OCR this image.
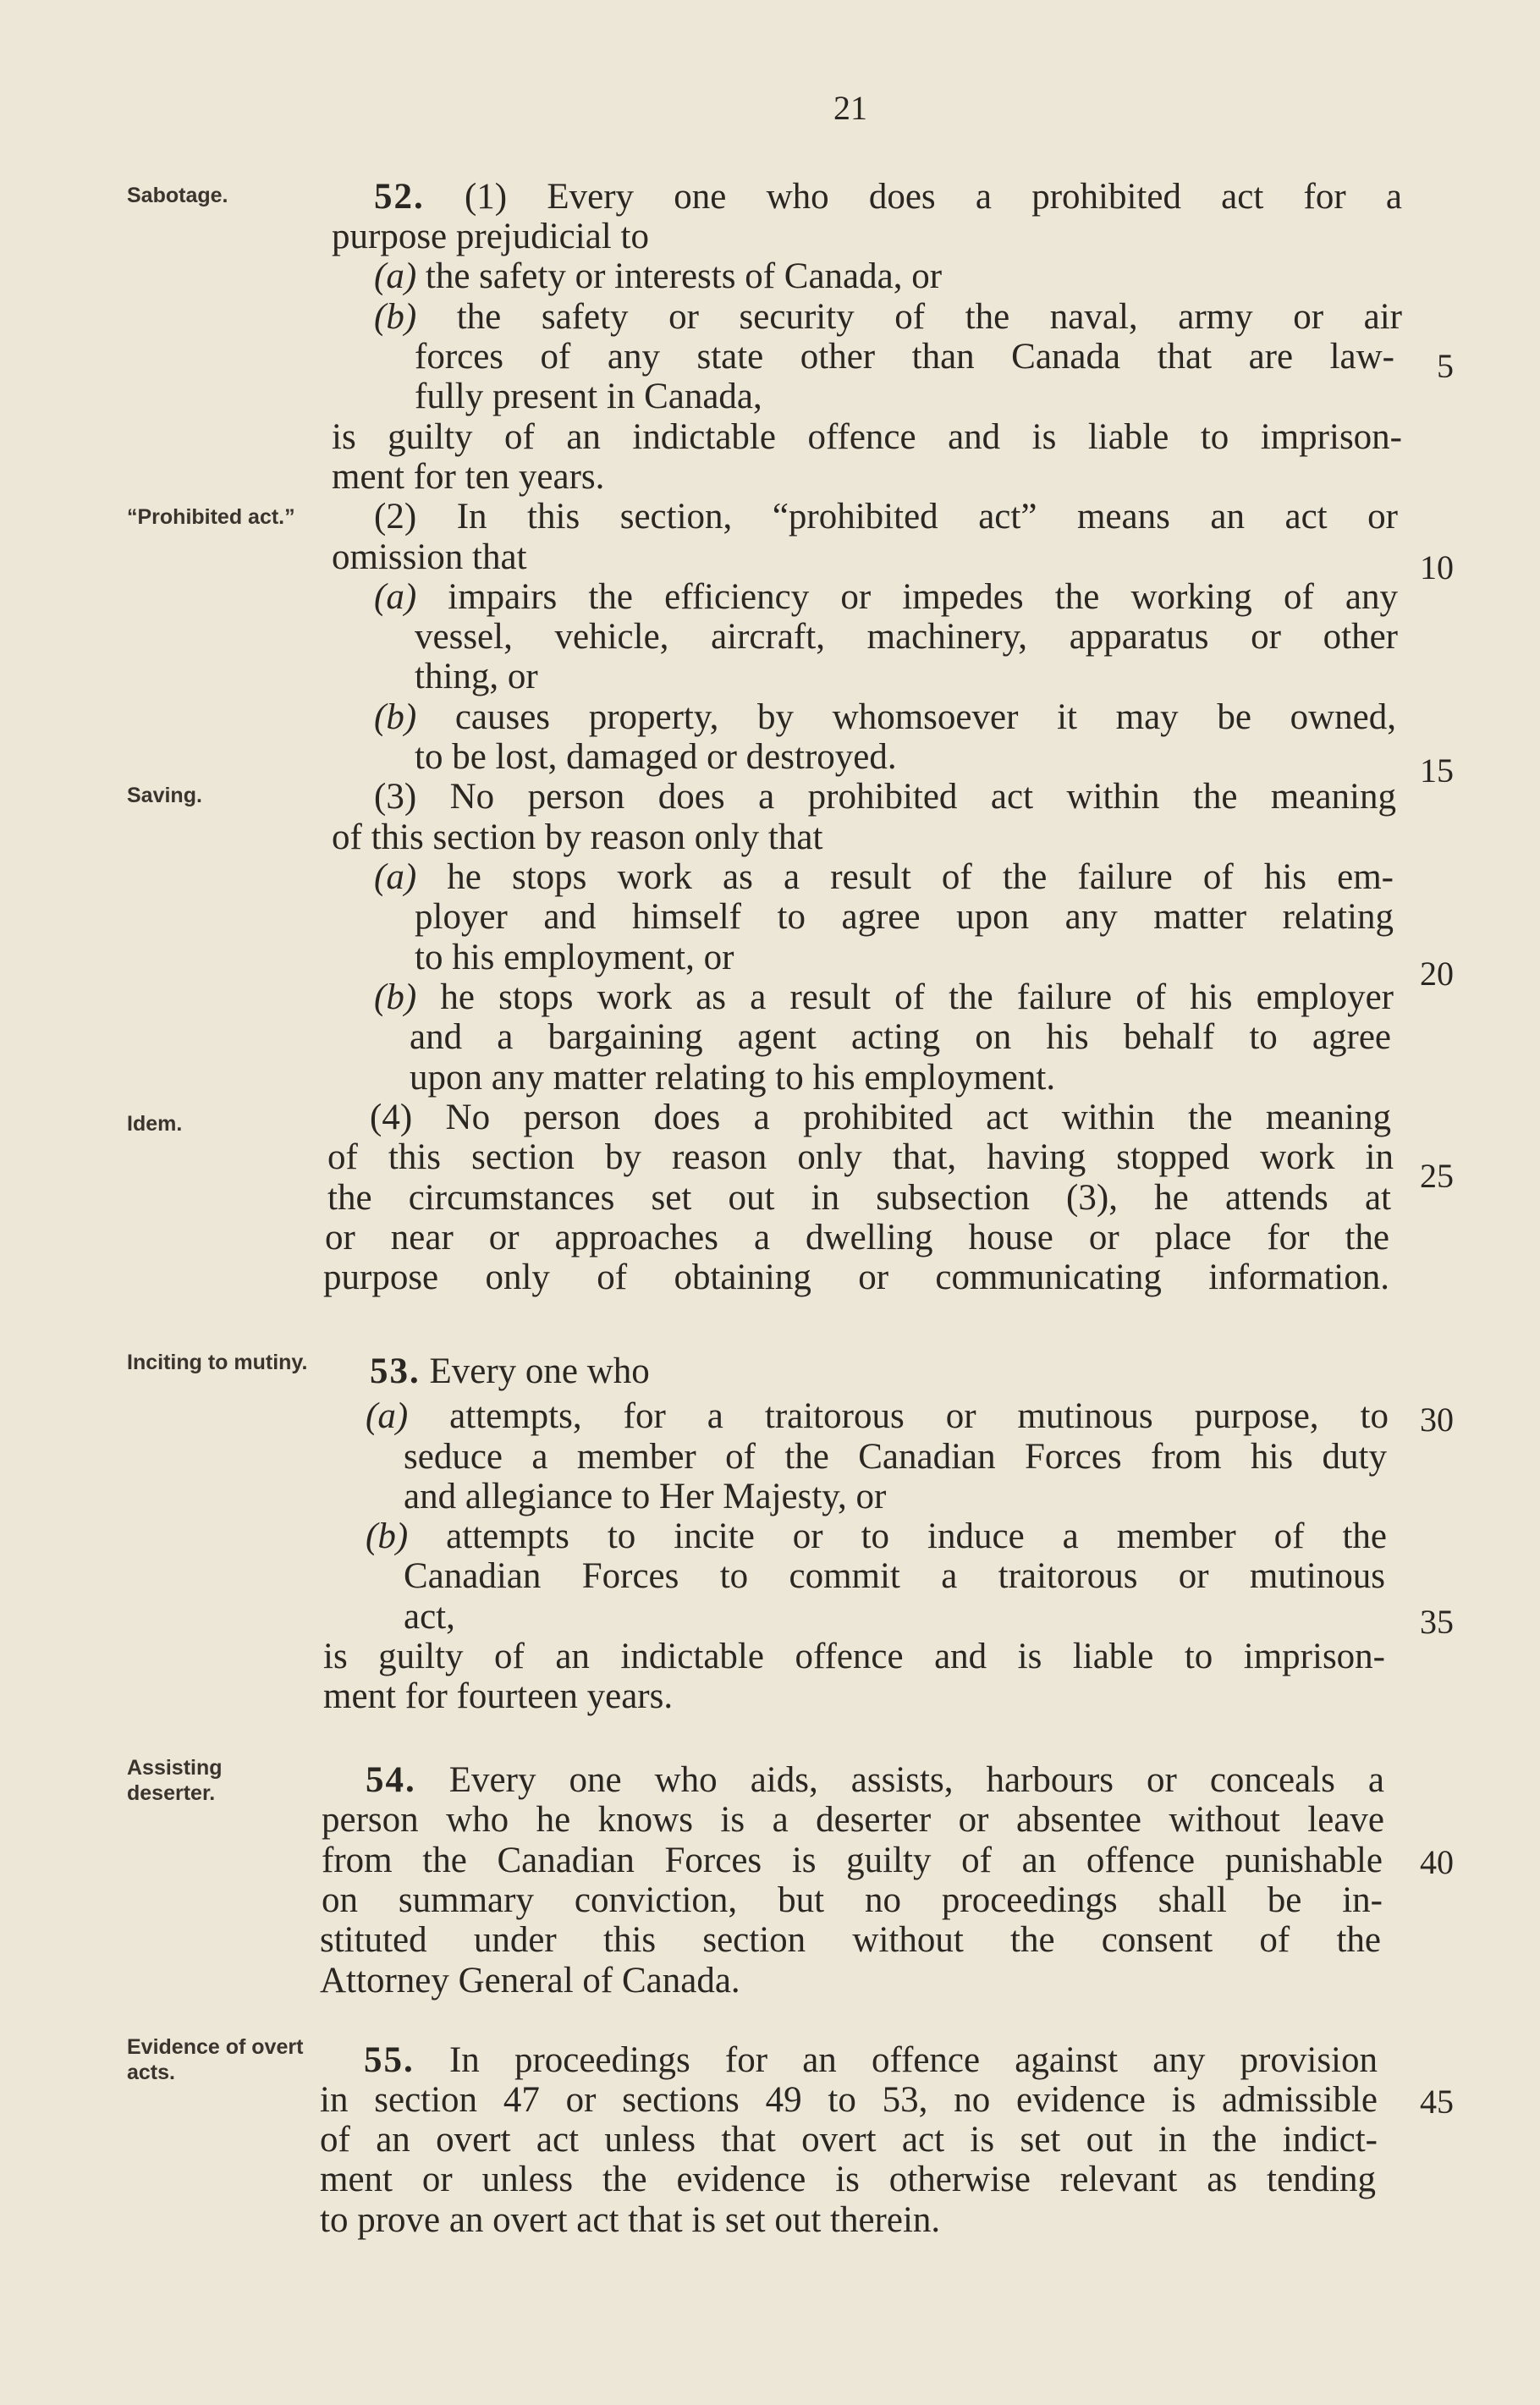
21
Sabotage.
“Prohibited act.”
Saving.
Idem.
Inciting to mutiny.
Assisting deserter.
Evidence of overt acts.
52. (1) Every one who does a prohibited act for a
purpose prejudicial to
(a) the safety or interests of Canada, or
(b) the safety or security of the naval, army or air
forces of any state other than Canada that are law-
fully present in Canada,
is guilty of an indictable offence and is liable to imprison-
ment for ten years.
(2) In this section, “prohibited act” means an act or
omission that
(a) impairs the efficiency or impedes the working of any
vessel, vehicle, aircraft, machinery, apparatus or other
thing, or
(b) causes property, by whomsoever it may be owned,
to be lost, damaged or destroyed.
(3) No person does a prohibited act within the meaning
of this section by reason only that
(a) he stops work as a result of the failure of his em-
ployer and himself to agree upon any matter relating
to his employment, or
(b) he stops work as a result of the failure of his employer
and a bargaining agent acting on his behalf to agree
upon any matter relating to his employment.
(4) No person does a prohibited act within the meaning
of this section by reason only that, having stopped work in
the circumstances set out in subsection (3), he attends at
or near or approaches a dwelling house or place for the
purpose only of obtaining or communicating information.
53. Every one who
(a) attempts, for a traitorous or mutinous purpose, to
seduce a member of the Canadian Forces from his duty
and allegiance to Her Majesty, or
(b) attempts to incite or to induce a member of the
Canadian Forces to commit a traitorous or mutinous
act,
is guilty of an indictable offence and is liable to imprison-
ment for fourteen years.
54. Every one who aids, assists, harbours or conceals a
person who he knows is a deserter or absentee without leave
from the Canadian Forces is guilty of an offence punishable
on summary conviction, but no proceedings shall be in-
stituted under this section without the consent of the
Attorney General of Canada.
55. In proceedings for an offence against any provision
in section 47 or sections 49 to 53, no evidence is admissible
of an overt act unless that overt act is set out in the indict-
ment or unless the evidence is otherwise relevant as tending
to prove an overt act that is set out therein.
5
10
15
20
25
30
35
40
45
